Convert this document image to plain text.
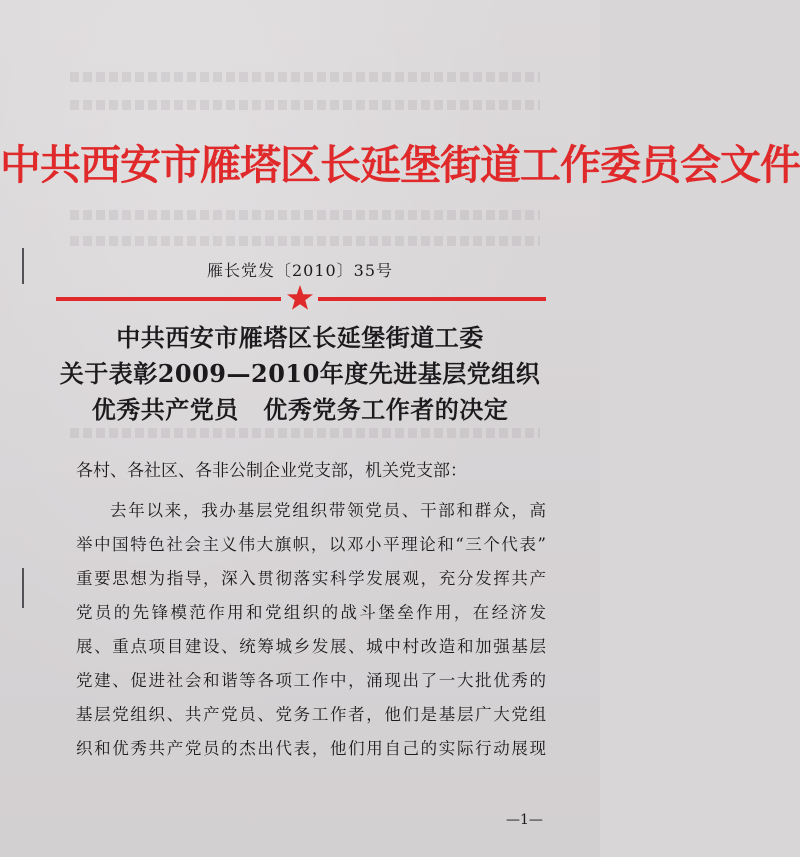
中共西安市雁塔区长延堡街道工作委员会文件
雁长党发〔2010〕35号
中共西安市雁塔区长延堡街道工委
关于表彰2009—2010年度先进基层党组织
优秀共产党员　优秀党务工作者的决定
各村、各社区、各非公制企业党支部，机关党支部：
去年以来，我办基层党组织带领党员、干部和群众，高
举中国特色社会主义伟大旗帜，以邓小平理论和“三个代表”
重要思想为指导，深入贯彻落实科学发展观，充分发挥共产
党员的先锋模范作用和党组织的战斗堡垒作用，在经济发
展、重点项目建设、统筹城乡发展、城中村改造和加强基层
党建、促进社会和谐等各项工作中，涌现出了一大批优秀的
基层党组织、共产党员、党务工作者，他们是基层广大党组
织和优秀共产党员的杰出代表，他们用自己的实际行动展现
—1—
